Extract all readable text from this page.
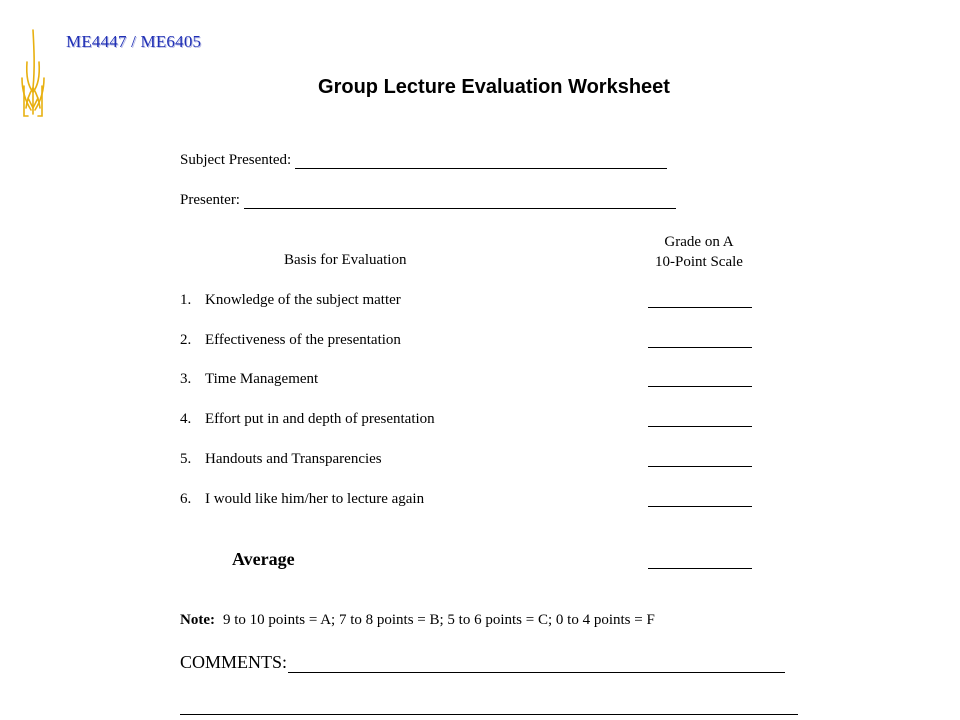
ME4447 / ME6405
Group Lecture Evaluation Worksheet
Subject Presented:
Presenter:
Basis for Evaluation
Grade on A
10-Point Scale
1. Knowledge of the subject matter
2. Effectiveness of the presentation
3. Time Management
4. Effort put in and depth of presentation
5. Handouts and Transparencies
6. I would like him/her to lecture again
Average
Note: 9 to 10 points = A; 7 to 8 points = B; 5 to 6 points = C; 0 to 4 points = F
COMMENTS:
